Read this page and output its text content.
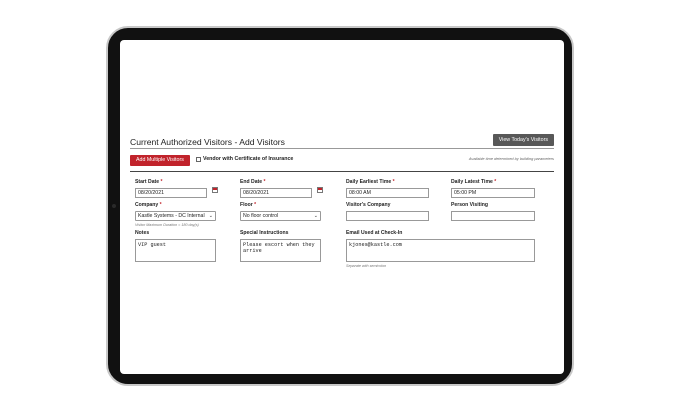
Current Authorized Visitors - Add Visitors	View Today's Visitors
Add Multiple Visitors	Vendor with Certificate of Insurance	Available time determined by building parameters
Start Date *
08/20/2021
End Date *
08/20/2021
Daily Earliest Time *
08:00 AM
Daily Latest Time *
05:00 PM
Company *
Kastle Systems - DC Internal ⌄
Visitor Maximum Duration = 180 day(s)
Floor *
No floor control	⌄
Visitor's Company	Person Visiting
Notes
VIP guest
Special Instructions
Please escort when they arrive
Email Used at Check-In
kjones@kastle.com
Separate with semicolon
